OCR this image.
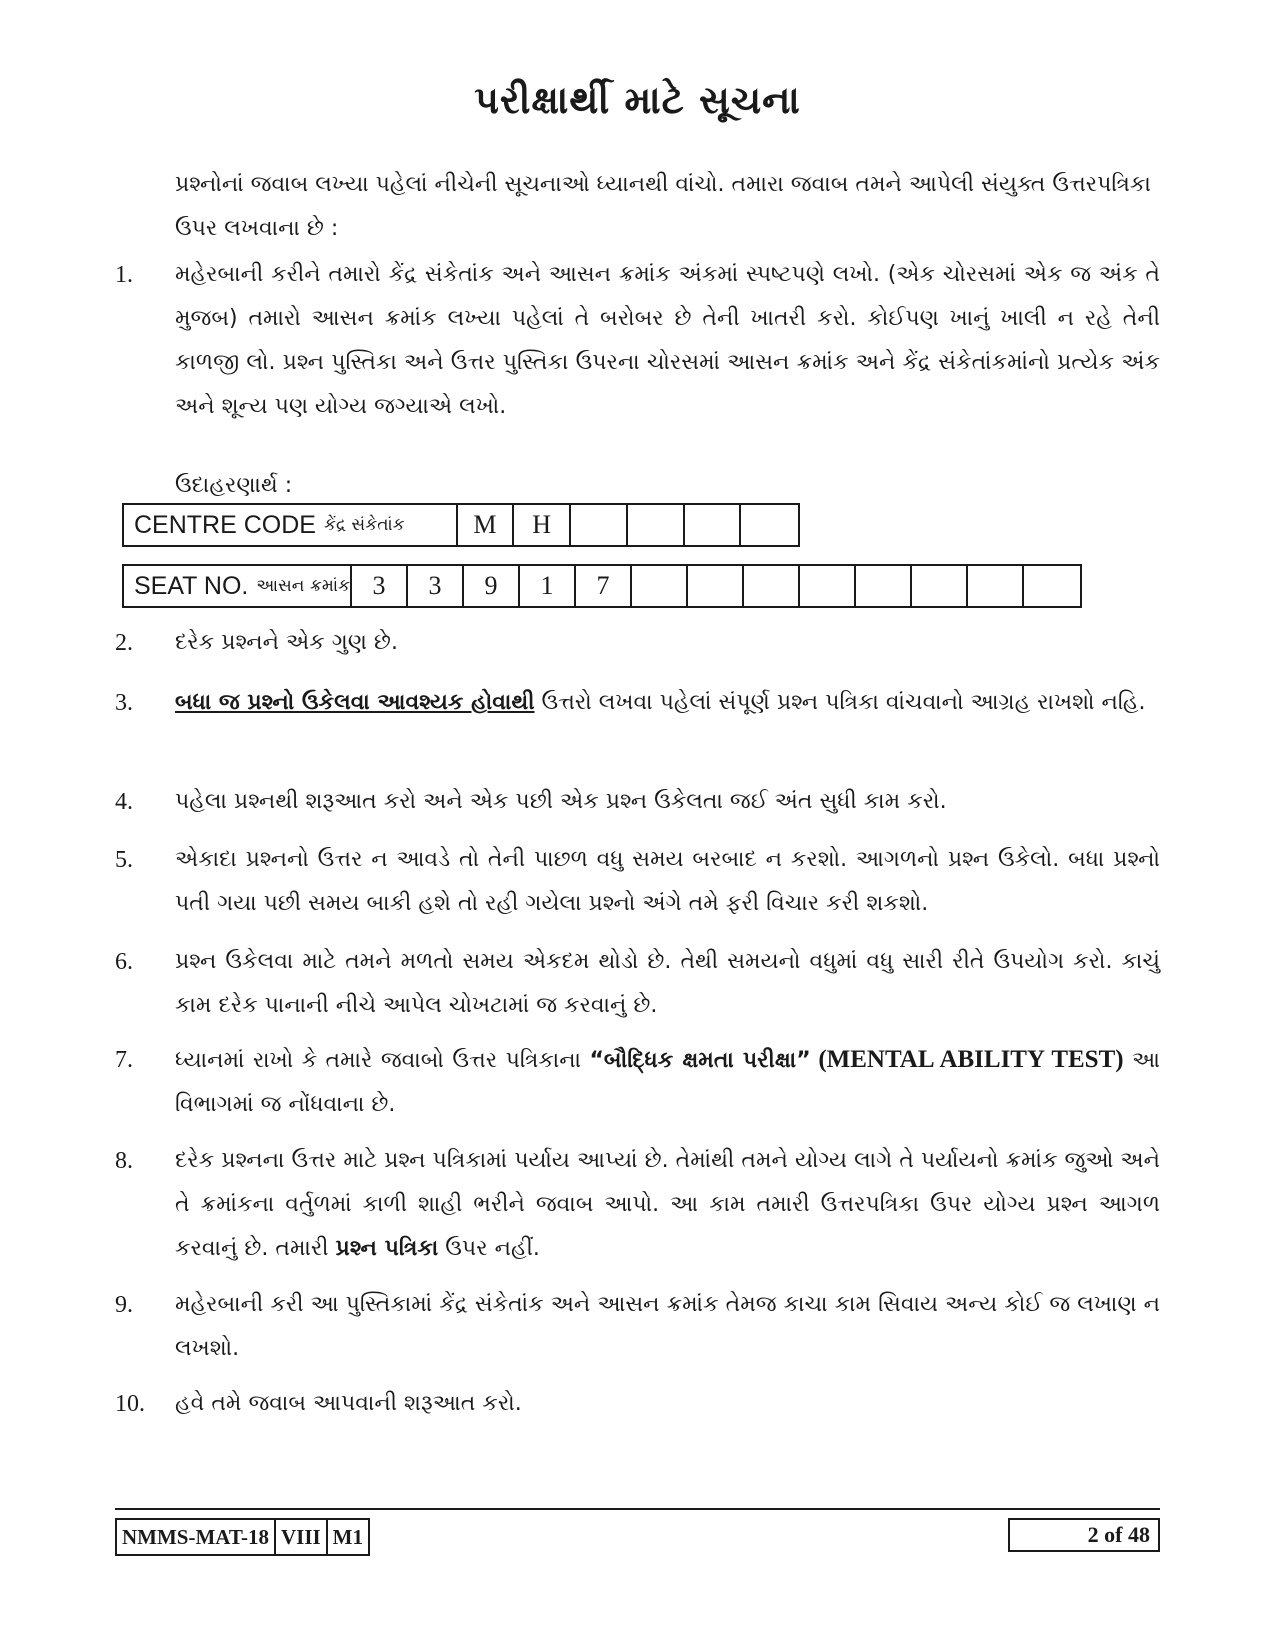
પરીક્ષાર્થી માટે સૂચના
પ્રશ્નોનાં જવાબ લખ્યા પહેલાં નીચેની સૂચનાઓ ધ્યાનથી વાંચો. તમારા જવાબ તમને આપેલી સંયુક્ત ઉત્તરપત્રિકા ઉપર લખવાના છે :
1.	મહેરબાની કરીને તમારો કેંદ્ર સંકેતાંક અને આસન ક્રમાંક અંકમાં સ્પષ્ટપણે લખો. (એક ચોરસમાં એક જ અંક તે મુજબ) તમારો આસન ક્રમાંક લખ્યા પહેલાં તે બરોબર છે તેની ખાતરી કરો. કોઈપણ ખાનું ખાલી ન રહે તેની કાળજી લો. પ્રશ્ન પુસ્તિકા અને ઉત્તર પુસ્તિકા ઉપરના ચોરસમાં આસન ક્રમાંક અને કેંદ્ર સંકેતાંકમાંનો પ્રત્યેક અંક અને શૂન્ય પણ યોગ્ય જગ્યાએ લખો.
ઉદાહરણાર્થ :
CENTRE CODE કેંદ્ર સંકેતાંક	M	H
SEAT NO. આસન ક્રમાંક 3	3	9	1	7
2.	દરેક પ્રશ્નને એક ગુણ છે.
3.	બધા જ પ્રશ્નો ઉકેલવા આવશ્યક હોવાથી ઉત્તરો લખવા પહેલાં સંપૂર્ણ પ્રશ્ન પત્રિકા વાંચવાનો આગ્રહ રાખશો નહિ.
4.	પહેલા પ્રશ્નથી શરૂઆત કરો અને એક પછી એક પ્રશ્ન ઉકેલતા જઈ અંત સુધી કામ કરો.
5.	એકાદા પ્રશ્નનો ઉત્તર ન આવડે તો તેની પાછળ વધુ સમય બરબાદ ન કરશો. આગળનો પ્રશ્ન ઉકેલો. બધા પ્રશ્નો પતી ગયા પછી સમય બાકી હશે તો રહી ગયેલા પ્રશ્નો અંગે તમે ફરી વિચાર કરી શકશો.
6.	પ્રશ્ન ઉકેલવા માટે તમને મળતો સમય એકદમ થોડો છે. તેથી સમયનો વધુમાં વધુ સારી રીતે ઉપયોગ કરો. કાચું કામ દરેક પાનાની નીચે આપેલ ચોખટામાં જ કરવાનું છે.
7.	ધ્યાનમાં રાખો કે તમારે જવાબો ઉત્તર પત્રિકાના “બૌદ્ધિક ક્ષમતા પરીક્ષા” (MENTAL ABILITY TEST) આ વિભાગમાં જ નોંધવાના છે.
8.	દરેક પ્રશ્નના ઉત્તર માટે પ્રશ્ન પત્રિકામાં પર્યાય આપ્યાં છે. તેમાંથી તમને યોગ્ય લાગે તે પર્યાયનો ક્રમાંક જુઓ અને તે ક્રમાંકના વર્તુળમાં કાળી શાહી ભરીને જવાબ આપો. આ કામ તમારી ઉત્તરપત્રિકા ઉપર યોગ્ય પ્રશ્ન આગળ કરવાનું છે. તમારી પ્રશ્ન પત્રિકા ઉપર નહીં.
9.	મહેરબાની કરી આ પુસ્તિકામાં કેંદ્ર સંકેતાંક અને આસન ક્રમાંક તેમજ કાચા કામ સિવાય અન્ય કોઈ જ લખાણ ન લખશો.
10.	હવે તમે જવાબ આપવાની શરૂઆત કરો.
NMMS-MAT-18 VIII M1	2 of 48
